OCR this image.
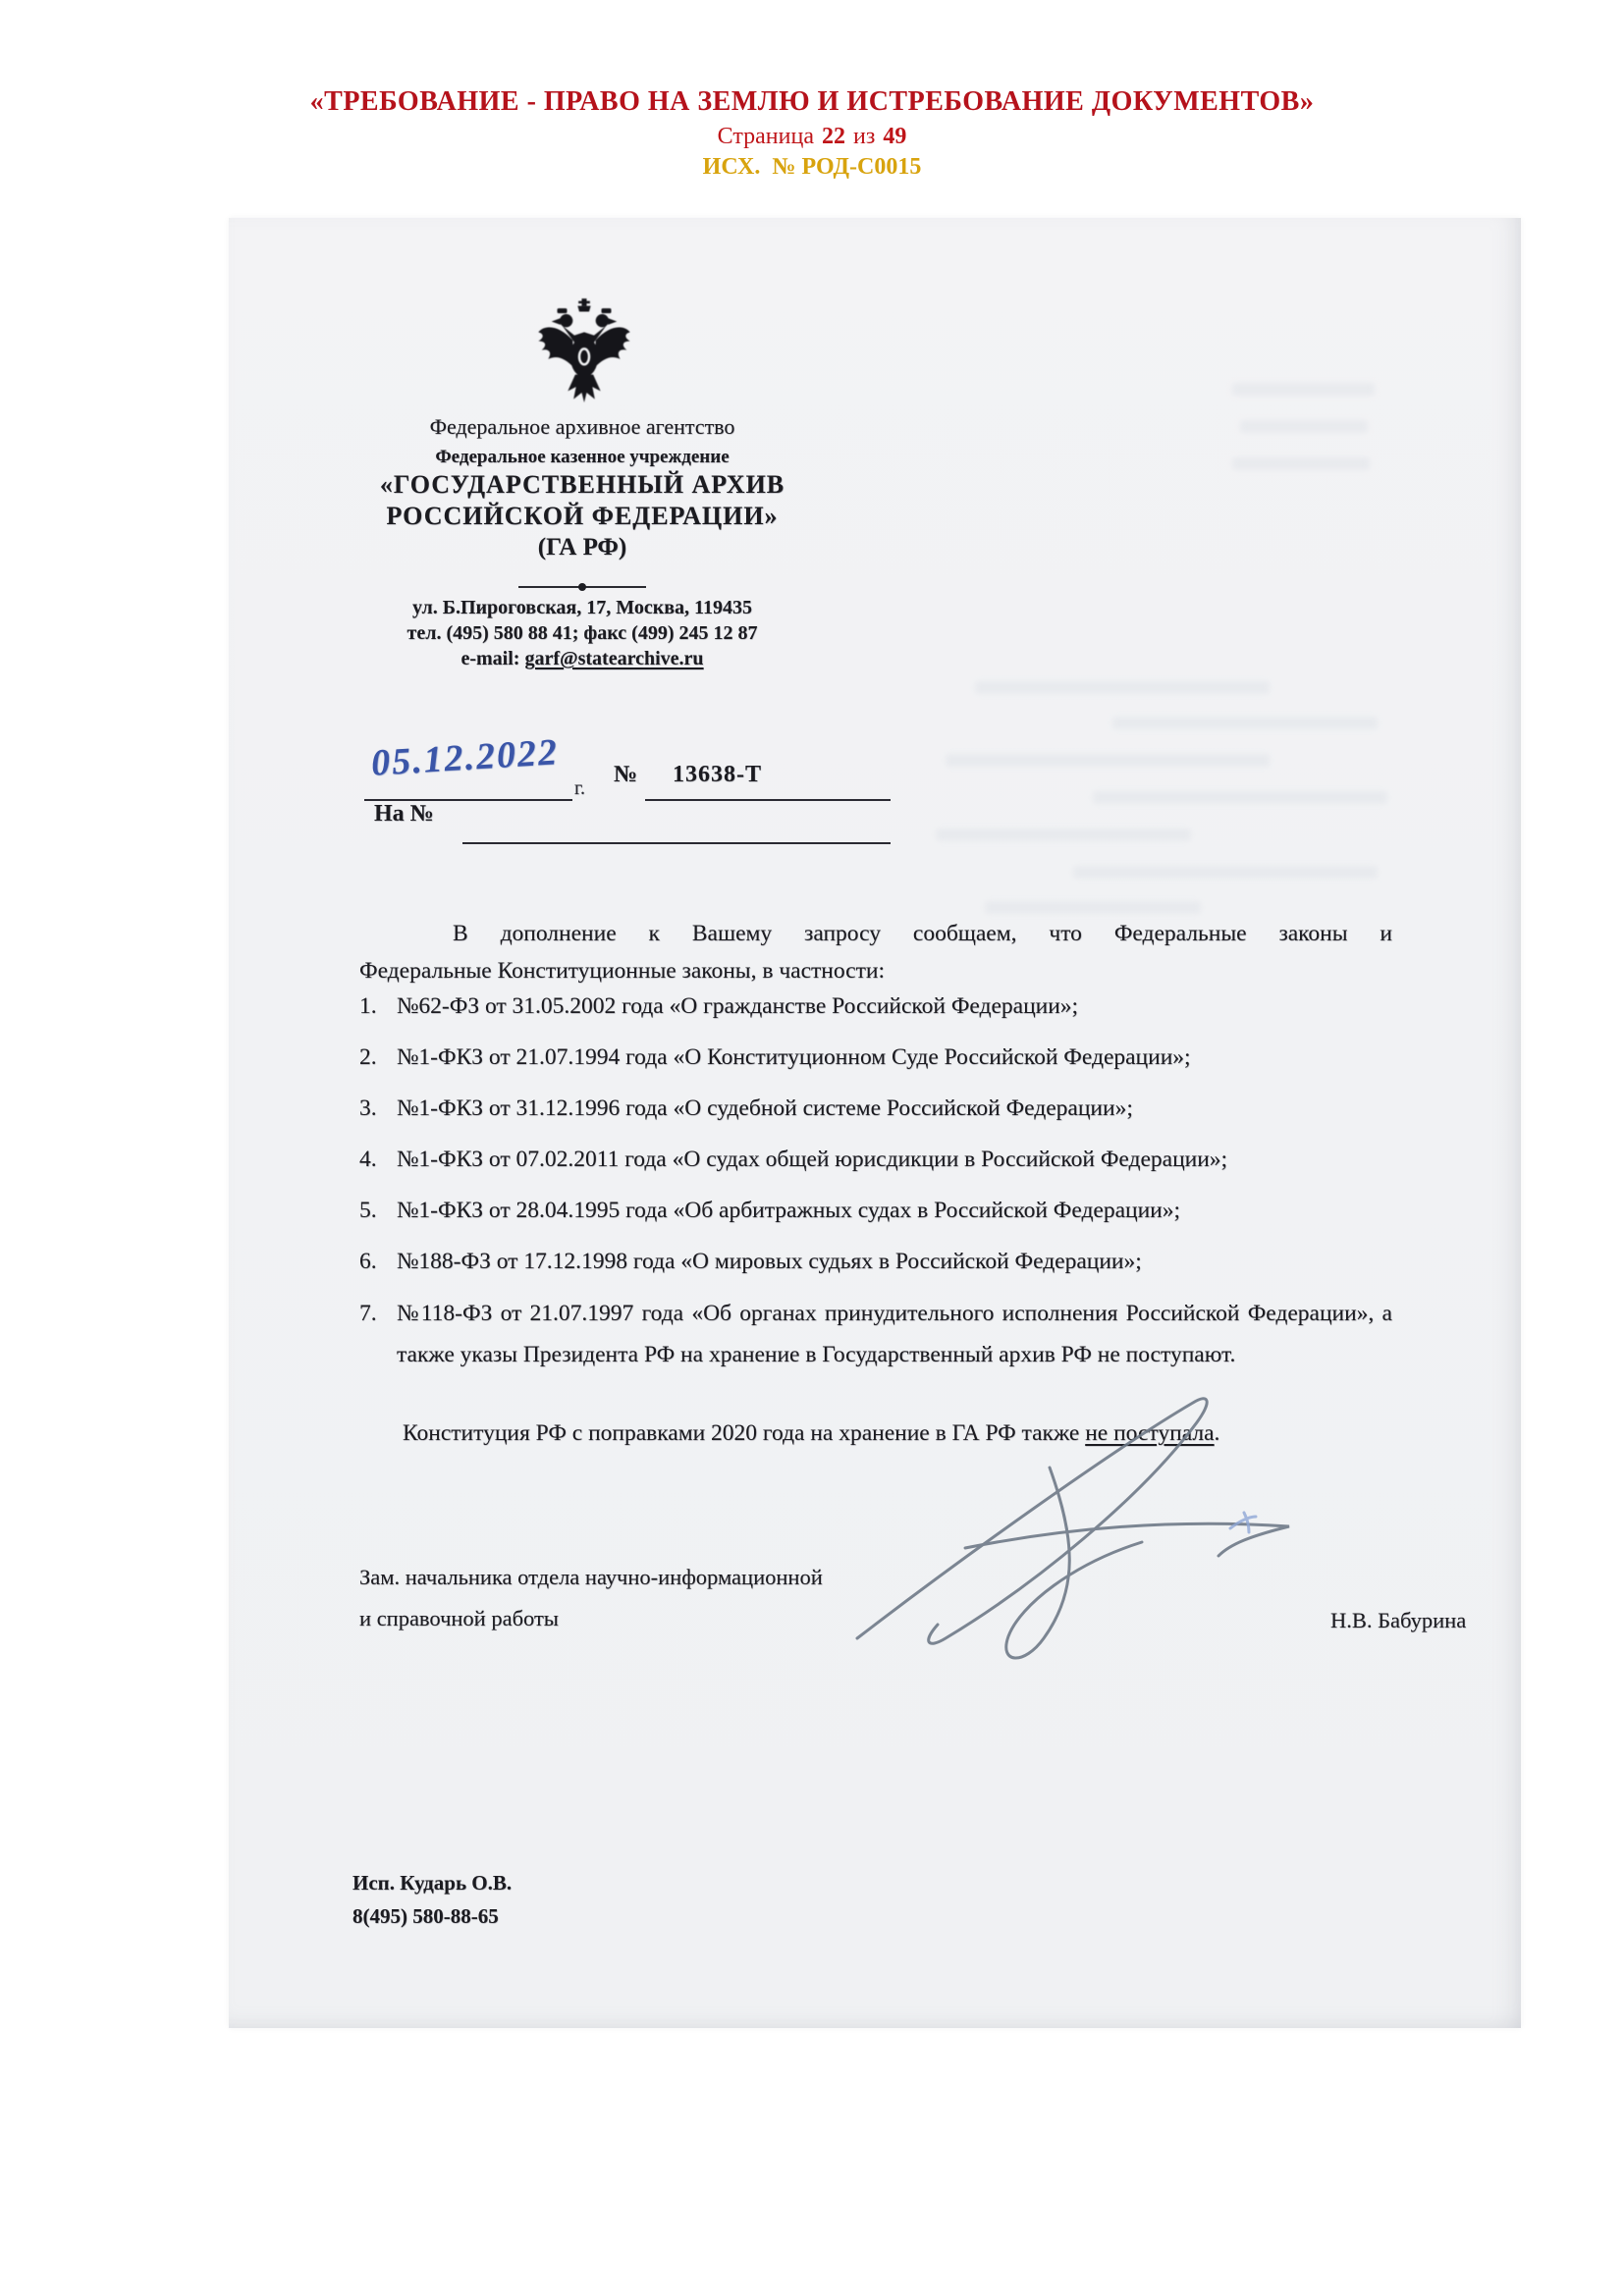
«ТРЕБОВАНИЕ - ПРАВО НА ЗЕМЛЮ И ИСТРЕБОВАНИЕ ДОКУМЕНТОВ»
Страница 22 из 49
ИСХ.  № РОД-С0015
Федеральное архивное агентство
Федеральное казенное учреждение
«ГОСУДАРСТВЕННЫЙ АРХИВ
РОССИЙСКОЙ ФЕДЕРАЦИИ»
(ГА РФ)
ул. Б.Пироговская, 17, Москва, 119435
тел. (495) 580 88 41; факс (499) 245 12 87
e-mail: garf@statearchive.ru
05.12.2022
г.
№ 13638-Т
На №
В дополнение к Вашему запросу сообщаем, что Федеральные законы и
Федеральные Конституционные законы, в частности:
1. №62-ФЗ от 31.05.2002 года «О гражданстве Российской Федерации»;
2. №1-ФКЗ от 21.07.1994 года «О Конституционном Суде Российской Федерации»;
3. №1-ФКЗ от 31.12.1996 года «О судебной системе Российской Федерации»;
4. №1-ФКЗ от 07.02.2011 года «О судах общей юрисдикции в Российской Федерации»;
5. №1-ФКЗ от 28.04.1995 года «Об арбитражных судах в Российской Федерации»;
6. №188-ФЗ от 17.12.1998 года «О мировых судьях в Российской Федерации»;
7. №118-ФЗ от 21.07.1997 года «Об органах принудительного исполнения Российской Федерации», а также указы Президента РФ на хранение в Государственный архив РФ не поступают.
Конституция РФ с поправками 2020 года на хранение в ГА РФ также не поступала.
Зам. начальника отдела научно-информационной
и справочной работы	Н.В. Бабурина
Исп. Кударь О.В.
8(495) 580-88-65
